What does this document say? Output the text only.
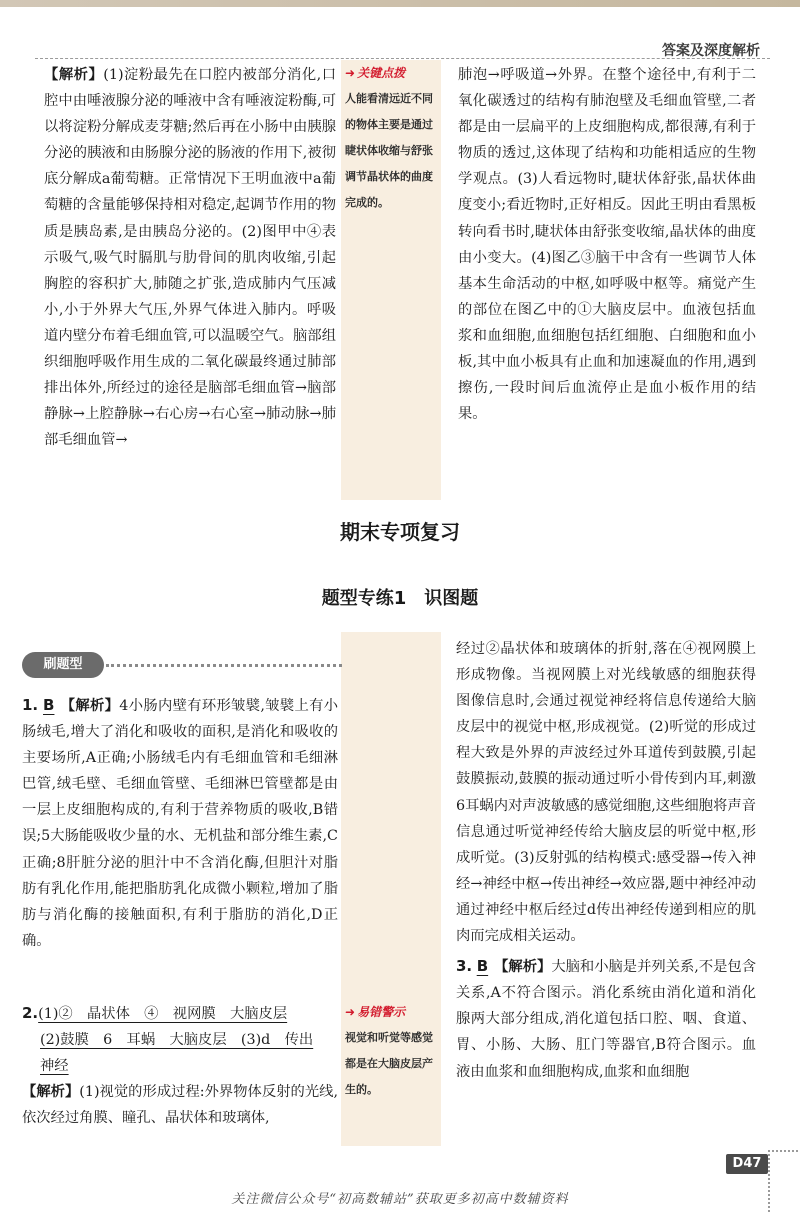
答案及深度解析

【解析】(1)淀粉最先在口腔内被部分消化,口腔中由唾液腺分泌的唾液中含有唾液淀粉酶,可以将淀粉分解成麦芽糖;然后再在小肠中由胰腺分泌的胰液和由肠腺分泌的肠液的作用下,被彻底分解成a葡萄糖。正常情况下王明血液中a葡萄糖的含量能够保持相对稳定,起调节作用的物质是胰岛素,是由胰岛分泌的。(2)图甲中④表示吸气,吸气时膈肌与肋骨间的肌肉收缩,引起胸腔的容积扩大,肺随之扩张,造成肺内气压减小,小于外界大气压,外界气体进入肺内。呼吸道内壁分布着毛细血管,可以温暖空气。脑部组织细胞呼吸作用生成的二氧化碳最终通过肺部排出体外,所经过的途径是脑部毛细血管→脑部静脉→上腔静脉→右心房→右心室→肺动脉→肺部毛细血管→

➜ 关键点拨
人能看清远近不同的物体主要是通过睫状体收缩与舒张调节晶状体的曲度完成的。

肺泡→呼吸道→外界。在整个途径中,有利于二氧化碳透过的结构有肺泡壁及毛细血管壁,二者都是由一层扁平的上皮细胞构成,都很薄,有利于物质的透过,这体现了结构和功能相适应的生物学观点。(3)人看远物时,睫状体舒张,晶状体曲度变小;看近物时,正好相反。因此王明由看黑板转向看书时,睫状体由舒张变收缩,晶状体的曲度由小变大。(4)图乙③脑干中含有一些调节人体基本生命活动的中枢,如呼吸中枢等。痛觉产生的部位在图乙中的①大脑皮层中。血液包括血浆和血细胞,血细胞包括红细胞、白细胞和血小板,其中血小板具有止血和加速凝血的作用,遇到擦伤,一段时间后血流停止是血小板作用的结果。

期末专项复习
题型专练1　识图题
刷题型

1. B 【解析】4小肠内壁有环形皱襞,皱襞上有小肠绒毛,增大了消化和吸收的面积,是消化和吸收的主要场所,A正确;小肠绒毛内有毛细血管和毛细淋巴管,绒毛壁、毛细血管壁、毛细淋巴管壁都是由一层上皮细胞构成的,有利于营养物质的吸收,B错误;5大肠能吸收少量的水、无机盐和部分维生素,C正确;8肝脏分泌的胆汁中不含消化酶,但胆汁对脂肪有乳化作用,能把脂肪乳化成微小颗粒,增加了脂肪与消化酶的接触面积,有利于脂肪的消化,D正确。

2.(1)②　晶状体　④　视网膜　大脑皮层

(2)鼓膜　6　耳蜗　大脑皮层　(3)d　传出

神经

【解析】(1)视觉的形成过程:外界物体反射的光线,依次经过角膜、瞳孔、晶状体和玻璃体,

➜ 易错警示
视觉和听觉等感觉都是在大脑皮层产生的。

经过②晶状体和玻璃体的折射,落在④视网膜上形成物像。当视网膜上对光线敏感的细胞获得图像信息时,会通过视觉神经将信息传递给大脑皮层中的视觉中枢,形成视觉。(2)听觉的形成过程大致是外界的声波经过外耳道传到鼓膜,引起鼓膜振动,鼓膜的振动通过听小骨传到内耳,刺激6耳蜗内对声波敏感的感觉细胞,这些细胞将声音信息通过听觉神经传给大脑皮层的听觉中枢,形成听觉。(3)反射弧的结构模式:感受器→传入神经→神经中枢→传出神经→效应器,题中神经冲动通过神经中枢后经过d传出神经传递到相应的肌肉而完成相关运动。

3. B 【解析】大脑和小脑是并列关系,不是包含关系,A不符合图示。消化系统由消化道和消化腺两大部分组成,消化道包括口腔、咽、食道、胃、小肠、大肠、肛门等器官,B符合图示。血液由血浆和血细胞构成,血浆和血细胞

D47
关注微信公众号“初高数辅站”获取更多初高中数辅资料
